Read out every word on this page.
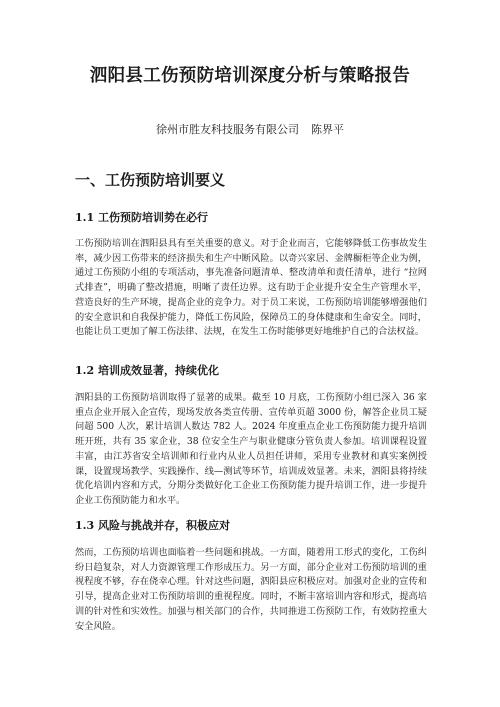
泗阳县工伤预防培训深度分析与策略报告
徐州市胜友科技服务有限公司 陈界平
一、工伤预防培训要义
1.1 工伤预防培训势在必行
工伤预防培训在泗阳县具有至关重要的意义。对于企业而言，它能够降低工伤事故发生率，减少因工伤带来的经济损失和生产中断风险。以奇兴家居、金牌橱柜等企业为例，通过工伤预防小组的专项活动，事先准备问题清单、整改清单和责任清单，进行 “拉网式排查”，明确了整改措施，明晰了责任边界。这有助于企业提升安全生产管理水平，营造良好的生产环境，提高企业的竞争力。对于员工来说，工伤预防培训能够增强他们的安全意识和自我保护能力，降低工伤风险，保障员工的身体健康和生命安全。同时，也能让员工更加了解工伤法律、法规，在发生工伤时能够更好地维护自己的合法权益。
1.2 培训成效显著，持续优化
泗阳县的工伤预防培训取得了显著的成果。截至 10 月底，工伤预防小组已深入 36 家重点企业开展入企宣传，现场发放各类宣传册、宣传单页超 3000 份，解答企业员工疑问超 500 人次，累计培训人数达 782 人。2024 年度重点企业工伤预防能力提升培训班开班，共有 35 家企业，38 位安全生产与职业健康分管负责人参加。培训课程设置丰富，由江苏省安全培训师和行业内从业人员担任讲师，采用专业教材和真实案例授课，设置现场教学、实践操作、线—测试等环节，培训成效显著。未来，泗阳县将持续优化培训内容和方式，分期分类做好化工企业工伤预防能力提升培训工作，进一步提升企业工伤预防能力和水平。
1.3 风险与挑战并存，积极应对
然而，工伤预防培训也面临着一些问题和挑战。一方面，随着用工形式的变化，工伤纠纷日趋复杂，对人力资源管理工作形成压力。另一方面，部分企业对工伤预防培训的重视程度不够，存在侥幸心理。针对这些问题，泗阳县应积极应对。加强对企业的宣传和引导，提高企业对工伤预防培训的重视程度。同时，不断丰富培训内容和形式，提高培训的针对性和实效性。加强与相关部门的合作，共同推进工伤预防工作，有效防控重大安全风险。
